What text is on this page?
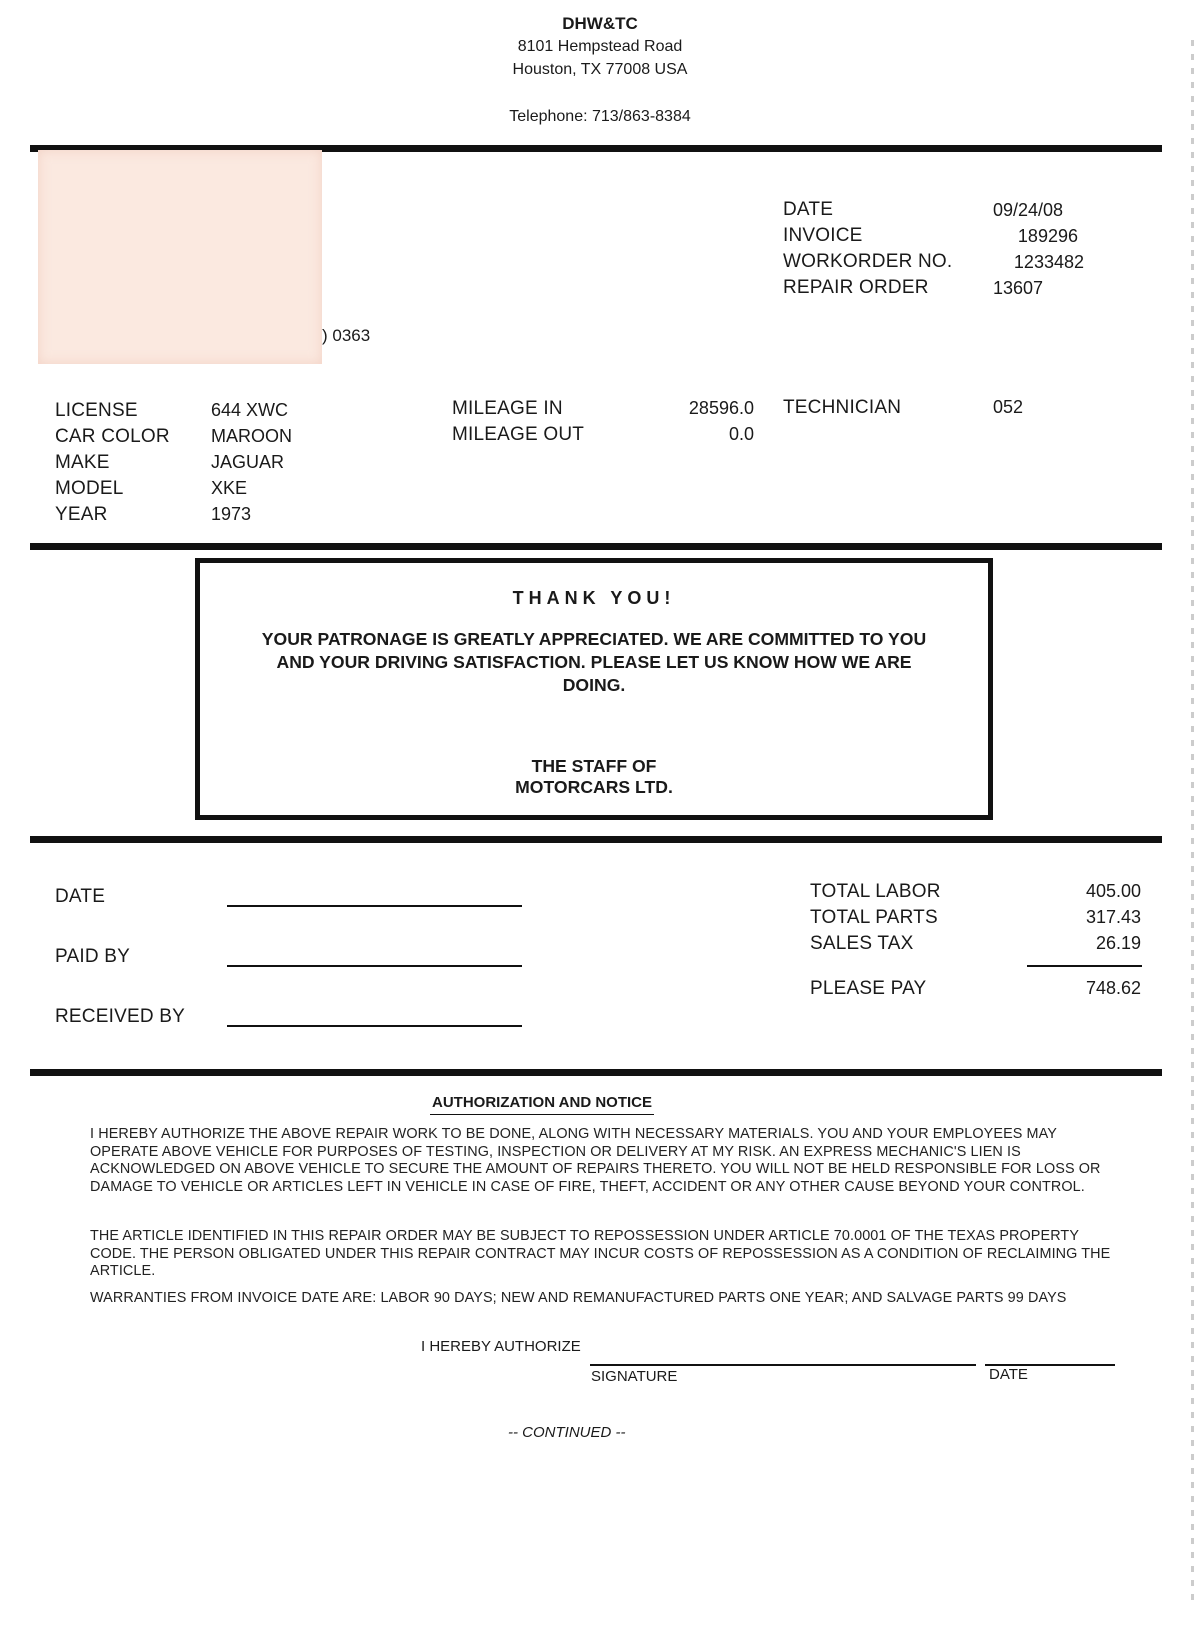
DHW&TC
8101 Hempstead Road
Houston, TX 77008 USA
Telephone: 713/863-8384
) 0363
DATE	09/24/08
INVOICE	189296
WORKORDER NO.	1233482
REPAIR ORDER	13607
LICENSE	644 XWC
CAR COLOR MAROON
MAKE	JAGUAR
MODEL	XKE
YEAR	1973
MILEAGE IN	28596.0
MILEAGE OUT	0.0
TECHNICIAN	052
THANK YOU!
YOUR PATRONAGE IS GREATLY APPRECIATED. WE ARE COMMITTED TO YOU
AND YOUR DRIVING SATISFACTION. PLEASE LET US KNOW HOW WE ARE
DOING.
THE STAFF OF
MOTORCARS LTD.
DATE
PAID BY
RECEIVED BY
TOTAL LABOR	405.00
TOTAL PARTS	317.43
SALES TAX	26.19
PLEASE PAY	748.62
AUTHORIZATION AND NOTICE
I HEREBY AUTHORIZE THE ABOVE REPAIR WORK TO BE DONE, ALONG WITH NECESSARY MATERIALS. YOU AND YOUR EMPLOYEES MAY OPERATE ABOVE VEHICLE FOR PURPOSES OF TESTING, INSPECTION OR DELIVERY AT MY RISK. AN EXPRESS MECHANIC'S LIEN IS ACKNOWLEDGED ON ABOVE VEHICLE TO SECURE THE AMOUNT OF REPAIRS THERETO. YOU WILL NOT BE HELD RESPONSIBLE FOR LOSS OR DAMAGE TO VEHICLE OR ARTICLES LEFT IN VEHICLE IN CASE OF FIRE, THEFT, ACCIDENT OR ANY OTHER CAUSE BEYOND YOUR CONTROL.
THE ARTICLE IDENTIFIED IN THIS REPAIR ORDER MAY BE SUBJECT TO REPOSSESSION UNDER ARTICLE 70.0001 OF THE TEXAS PROPERTY CODE. THE PERSON OBLIGATED UNDER THIS REPAIR CONTRACT MAY INCUR COSTS OF REPOSSESSION AS A CONDITION OF RECLAIMING THE ARTICLE.
WARRANTIES FROM INVOICE DATE ARE: LABOR 90 DAYS; NEW AND REMANUFACTURED PARTS ONE YEAR; AND SALVAGE PARTS 99 DAYS
I HEREBY AUTHORIZE
SIGNATURE	DATE
-- CONTINUED --
